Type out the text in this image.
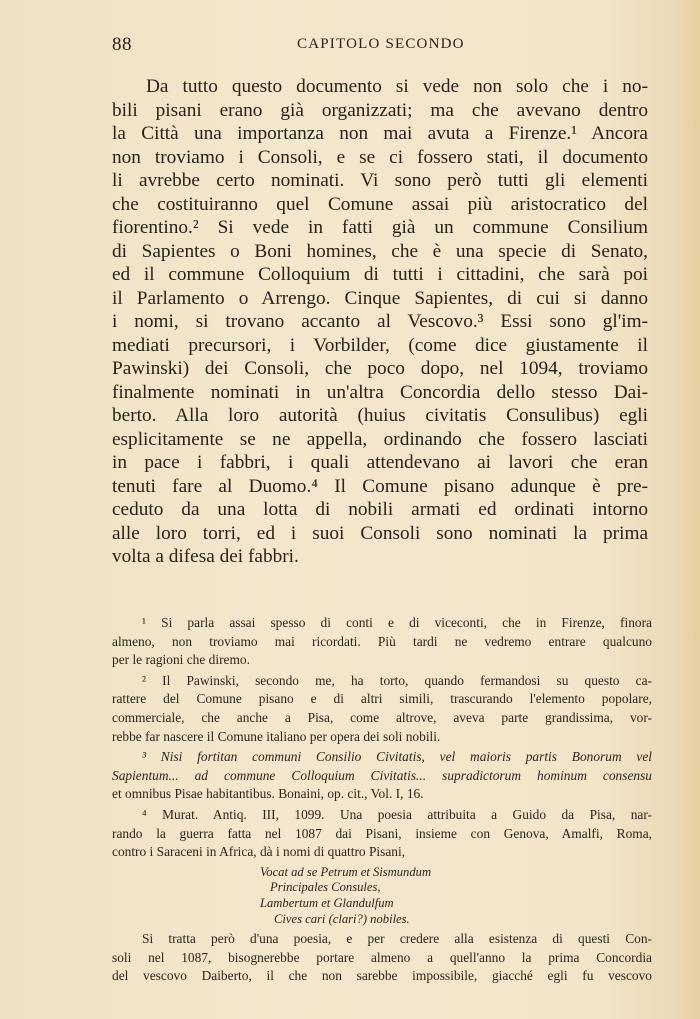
88	CAPITOLO SECONDO
Da tutto questo documento si vede non solo che i no-
bili pisani erano già organizzati; ma che avevano dentro
la Città una importanza non mai avuta a Firenze.¹ Ancora
non troviamo i Consoli, e se ci fossero stati, il documento
li avrebbe certo nominati. Vi sono però tutti gli elementi
che costituiranno quel Comune assai più aristocratico del
fiorentino.² Si vede in fatti già un commune Consilium
di Sapientes o Boni homines, che è una specie di Senato,
ed il commune Colloquium di tutti i cittadini, che sarà poi
il Parlamento o Arrengo. Cinque Sapientes, di cui si danno
i nomi, si trovano accanto al Vescovo.³ Essi sono gl'im-
mediati precursori, i Vorbilder, (come dice giustamente il
Pawinski) dei Consoli, che poco dopo, nel 1094, troviamo
finalmente nominati in un'altra Concordia dello stesso Dai-
berto. Alla loro autorità (huius civitatis Consulibus) egli
esplicitamente se ne appella, ordinando che fossero lasciati
in pace i fabbri, i quali attendevano ai lavori che eran
tenuti fare al Duomo.⁴ Il Comune pisano adunque è pre-
ceduto da una lotta di nobili armati ed ordinati intorno
alle loro torri, ed i suoi Consoli sono nominati la prima
volta a difesa dei fabbri.
¹ Si parla assai spesso di conti e di viceconti, che in Firenze, finora
almeno, non troviamo mai ricordati. Più tardi ne vedremo entrare qualcuno
per le ragioni che diremo.
² Il Pawinski, secondo me, ha torto, quando fermandosi su questo ca-
rattere del Comune pisano e di altri simili, trascurando l'elemento popolare,
commerciale, che anche a Pisa, come altrove, aveva parte grandissima, vor-
rebbe far nascere il Comune italiano per opera dei soli nobili.
³ Nisi fortitan communi Consilio Civitatis, vel maioris partis Bonorum vel
Sapientum... ad commune Colloquium Civitatis... supradictorum hominum consensu
et omnibus Pisae habitantibus. Bonaini, op. cit., Vol. I, 16.
⁴ Murat. Antiq. III, 1099. Una poesia attribuita a Guido da Pisa, nar-
rando la guerra fatta nel 1087 dai Pisani, insieme con Genova, Amalfi, Roma,
contro i Saraceni in Africa, dà i nomi di quattro Pisani,
Vocat ad se Petrum et Sismundum
Principales Consules,
Lambertum et Glandulfum
Cives cari (clari?) nobiles.
Si tratta però d'una poesia, e per credere alla esistenza di questi Con-
soli nel 1087, bisognerebbe portare almeno a quell'anno la prima Concordia
del vescovo Daiberto, il che non sarebbe impossibile, giacché egli fu vescovo
